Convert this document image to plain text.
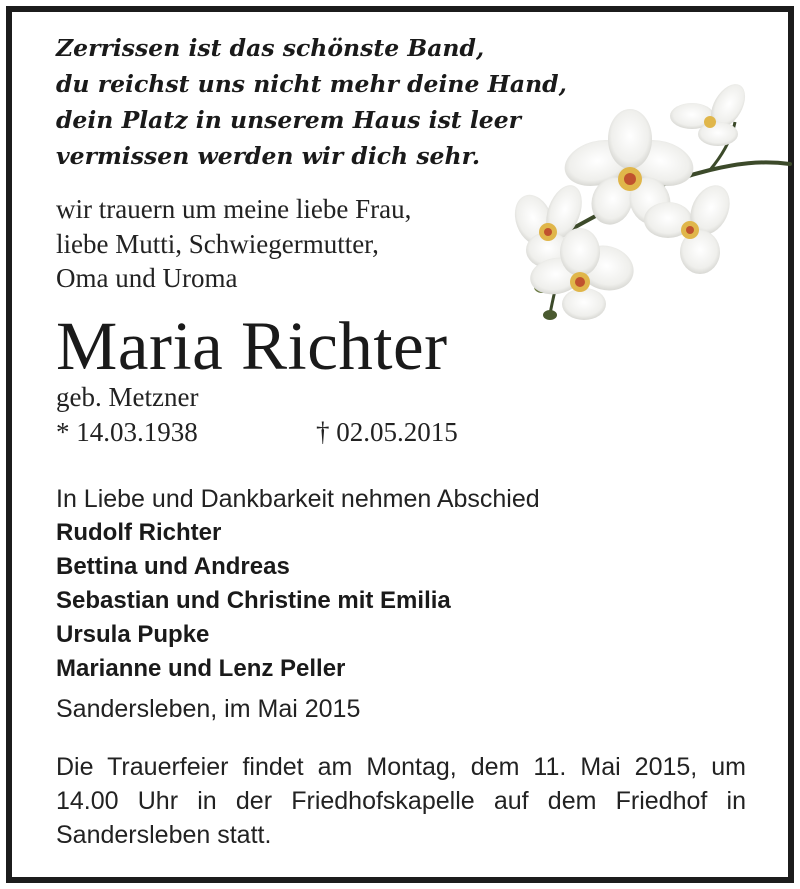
Zerrissen ist das schönste Band,
du reichst uns nicht mehr deine Hand,
dein Platz in unserem Haus ist leer
vermissen werden wir dich sehr.
wir trauern um meine liebe Frau,
liebe Mutti, Schwiegermutter,
Oma und Uroma
Maria Richter
geb. Metzner
* 14.03.1938	† 02.05.2015
In Liebe und Dankbarkeit nehmen Abschied
Rudolf Richter
Bettina und Andreas
Sebastian und Christine mit Emilia
Ursula Pupke
Marianne und Lenz Peller
Sandersleben, im Mai 2015
Die Trauerfeier findet am Montag, dem 11. Mai 2015, um 14.00 Uhr in der Friedhofskapelle auf dem Friedhof in Sandersleben statt.
